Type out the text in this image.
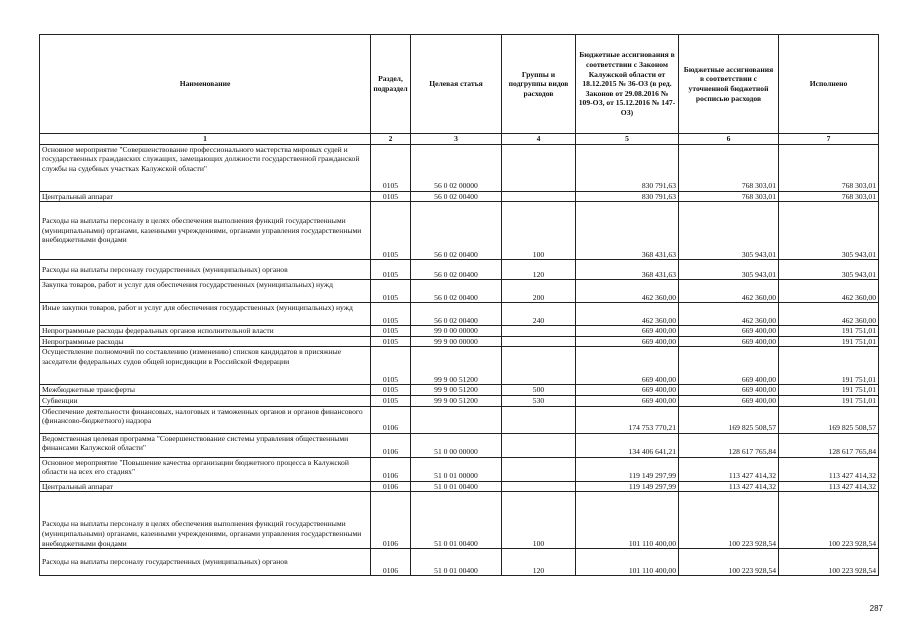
Наименование	Раздел, подраздел	Целевая статья	Группы и подгруппы видов расходов	Бюджетные ассигнования в соответствии с Законом Калужской области от 18.12.2015 № 36-ОЗ (в ред. Законов от 29.08.2016 № 109-ОЗ, от 15.12.2016 № 147-ОЗ)	Бюджетные ассигнования в соответствии с уточненной бюджетной росписью расходов	Исполнено
1	2	3	4	5	6	7
Основное мероприятие "Совершенствование профессионального мастерства мировых судей и государственных гражданских служащих, замещающих должности государственной гражданской службы на судебных участках Калужской области"	0105	56 0 02 00000		830 791,63	768 303,01	768 303,01
Центральный аппарат	0105	56 0 02 00400		830 791,63	768 303,01	768 303,01
Расходы на выплаты персоналу в целях обеспечения выполнения функций государственными (муниципальными) органами, казенными учреждениями, органами управления государственными внебюджетными фондами	0105	56 0 02 00400	100	368 431,63	305 943,01	305 943,01
Расходы на выплаты персоналу государственных (муниципальных) органов	0105	56 0 02 00400	120	368 431,63	305 943,01	305 943,01
Закупка товаров, работ и услуг для обеспечения государственных (муниципальных) нужд	0105	56 0 02 00400	200	462 360,00	462 360,00	462 360,00
Иные закупки товаров, работ и услуг для обеспечения государственных (муниципальных) нужд	0105	56 0 02 00400	240	462 360,00	462 360,00	462 360,00
Непрограммные расходы федеральных органов исполнительной власти	0105	99 0 00 00000		669 400,00	669 400,00	191 751,01
Непрограммные расходы	0105	99 9 00 00000		669 400,00	669 400,00	191 751,01
Осуществление полномочий по составлению (изменению) списков кандидатов в присяжные заседатели федеральных судов общей юрисдикции в Российской Федерации	0105	99 9 00 51200		669 400,00	669 400,00	191 751,01
Межбюджетные трансферты	0105	99 9 00 51200	500	669 400,00	669 400,00	191 751,01
Субвенции	0105	99 9 00 51200	530	669 400,00	669 400,00	191 751,01
Обеспечение деятельности финансовых, налоговых и таможенных органов и органов финансового (финансово-бюджетного) надзора	0106			174 753 770,21	169 825 508,57	169 825 508,57
Ведомственная целевая программа "Совершенствование системы управления общественными финансами Калужской области"	0106	51 0 00 00000		134 406 641,21	128 617 765,84	128 617 765,84
Основное мероприятие "Повышение качества организации бюджетного процесса в Калужской области на всех его стадиях"	0106	51 0 01 00000		119 149 297,99	113 427 414,32	113 427 414,32
Центральный аппарат	0106	51 0 01 00400		119 149 297,99	113 427 414,32	113 427 414,32
Расходы на выплаты персоналу в целях обеспечения выполнения функций государственными (муниципальными) органами, казенными учреждениями, органами управления государственными внебюджетными фондами	0106	51 0 01 00400	100	101 110 400,00	100 223 928,54	100 223 928,54
Расходы на выплаты персоналу государственных (муниципальных) органов	0106	51 0 01 00400	120	101 110 400,00	100 223 928,54	100 223 928,54
287
